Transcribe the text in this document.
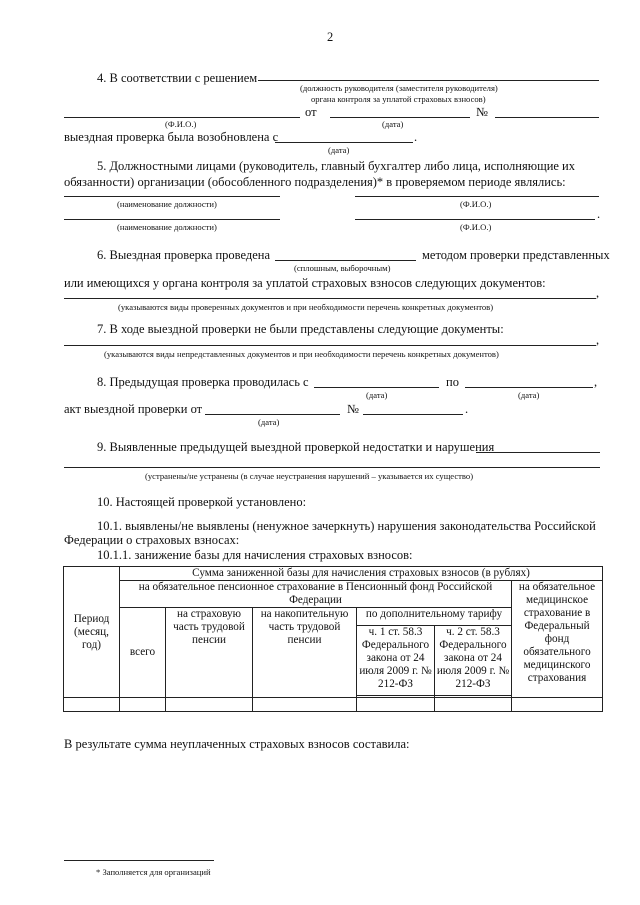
2
4. В соответствии с решением
(должность руководителя (заместителя руководителя)
органа контроля за уплатой страховых взносов)
от	№
(Ф.И.О.)	(дата)
выездная проверка была возобновлена с	.
(дата)
5. Должностными лицами (руководитель, главный бухгалтер либо лица, исполняющие их
обязанности) организации (обособленного подразделения)* в проверяемом периоде являлись:
(наименование должности)	(Ф.И.О.)
.
(наименование должности)	(Ф.И.О.)
6. Выездная проверка проведена	методом проверки представленных
(сплошным, выборочным)
или имеющихся у органа контроля за уплатой страховых взносов следующих документов:
,
(указываются виды проверенных документов и при необходимости перечень конкретных документов)
7. В ходе выездной проверки не были представлены следующие документы:
,
(указываются виды непредставленных документов и при необходимости перечень конкретных документов)
8. Предыдущая проверка проводилась с	по	,
(дата)	(дата)
акт выездной проверки от	№	.
(дата)
9. Выявленные предыдущей выездной проверкой недостатки и нарушения
(устранены/не устранены (в случае неустранения нарушений – указывается их существо)
10. Настоящей проверкой установлено:
10.1. выявлены/не выявлены (ненужное зачеркнуть) нарушения законодательства Российской
Федерации о страховых взносах:
10.1.1. занижение базы для начисления страховых взносов:
Период (месяц, год)	Сумма заниженной базы для начисления страховых взносов (в рублях)					
	на обязательное пенсионное страхование в Пенсионный фонд Российской Федерации					на обязательное медицинское страхование в Федеральный фонд обязательного медицинского страхования
	всего	на страховую часть трудовой пенсии	на накопительную часть трудовой пенсии	по дополнительному тарифу		
				ч. 1 ст. 58.3 Федерального закона от 24 июля 2009 г. № 212-ФЗ	ч. 2 ст. 58.3 Федерального закона от 24 июля 2009 г. № 212-ФЗ	

В результате сумма неуплаченных страховых взносов составила:
* Заполняется для организаций
